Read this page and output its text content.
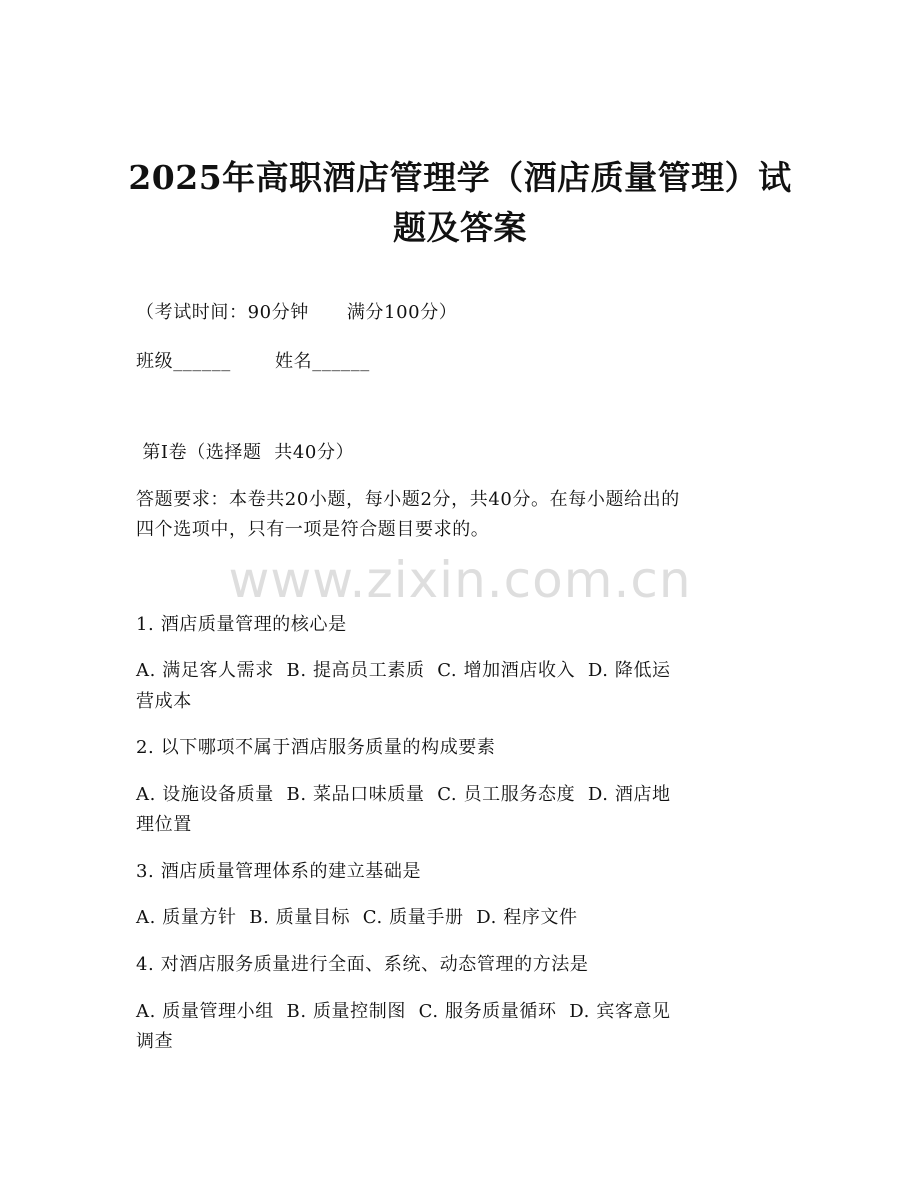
2025年高职酒店管理学（酒店质量管理）试
题及答案
（考试时间：90分钟      满分100分）
班级______       姓名______
第I卷（选择题  共40分）
答题要求：本卷共20小题，每小题2分，共40分。在每小题给出的
四个选项中，只有一项是符合题目要求的。
www.zixin.com.cn
1. 酒店质量管理的核心是
A. 满足客人需求  B. 提高员工素质  C. 增加酒店收入  D. 降低运
营成本
2. 以下哪项不属于酒店服务质量的构成要素
A. 设施设备质量  B. 菜品口味质量  C. 员工服务态度  D. 酒店地
理位置
3. 酒店质量管理体系的建立基础是
A. 质量方针  B. 质量目标  C. 质量手册  D. 程序文件
4. 对酒店服务质量进行全面、系统、动态管理的方法是
A. 质量管理小组  B. 质量控制图  C. 服务质量循环  D. 宾客意见
调查
